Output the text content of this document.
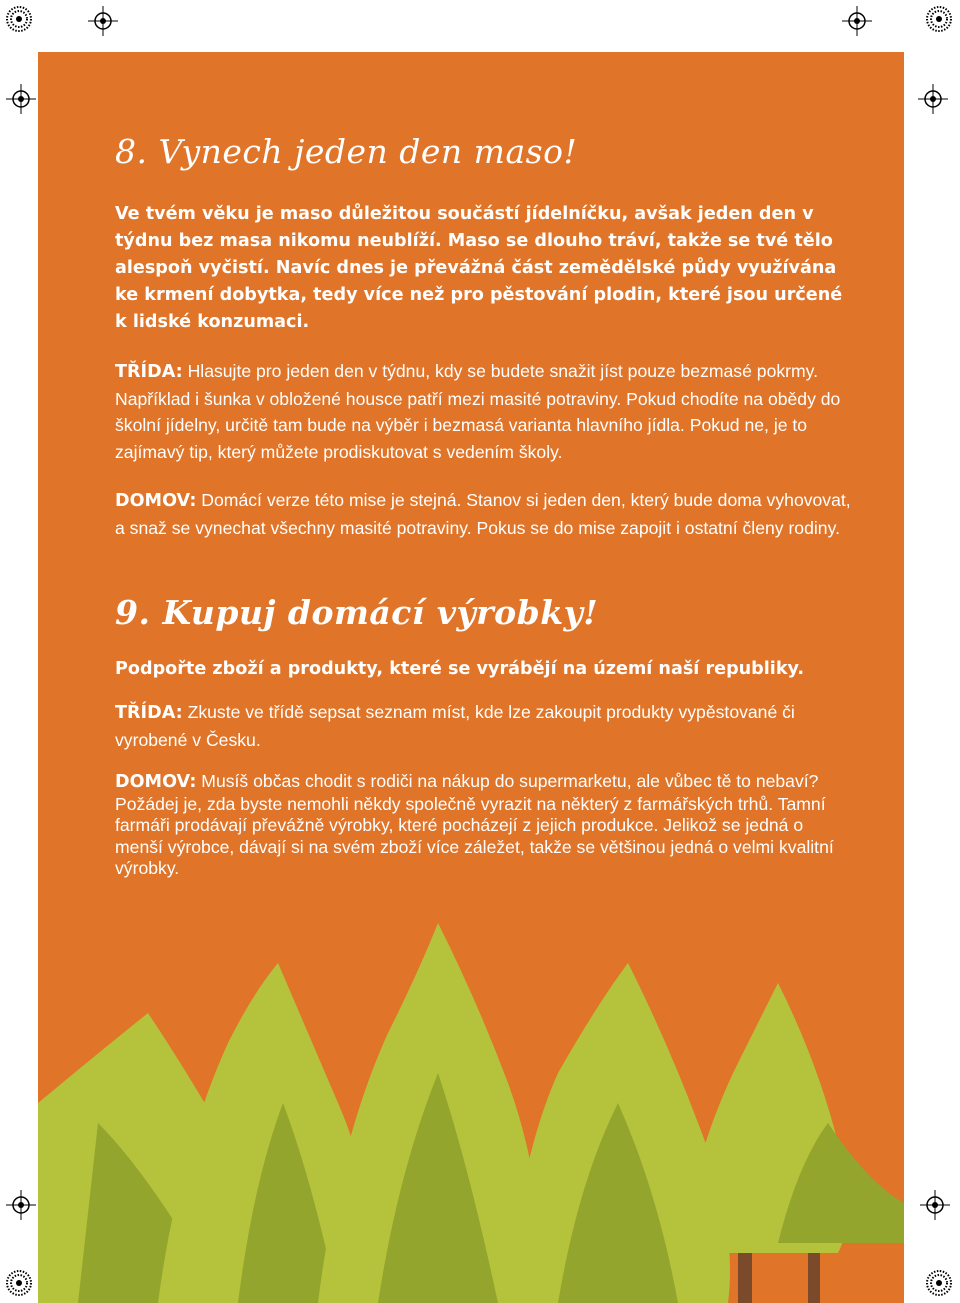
8. Vynech jeden den maso!

Ve tvém věku je maso důležitou součástí jídelníčku, avšak jeden den v týdnu bez masa nikomu neublíží. Maso se dlouho tráví, takže se tvé tělo alespoň vyčistí. Navíc dnes je převážná část zemědělské půdy využívána ke krmení dobytka, tedy více než pro pěstování plodin, které jsou určené k lidské konzumaci.

TŘÍDA: Hlasujte pro jeden den v týdnu, kdy se budete snažit jíst pouze bezmasé pokrmy. Například i šunka v obložené housce patří mezi masité potraviny. Pokud chodíte na obědy do školní jídelny, určitě tam bude na výběr i bezmasá varianta hlavního jídla. Pokud ne, je to zajímavý tip, který můžete prodiskutovat s vedením školy.

DOMOV: Domácí verze této mise je stejná. Stanov si jeden den, který bude doma vyhovovat, a snaž se vynechat všechny masité potraviny. Pokus se do mise zapojit i ostatní členy rodiny.

9. Kupuj domácí výrobky!

Podpořte zboží a produkty, které se vyrábějí na území naší republiky.

TŘÍDA: Zkuste ve třídě sepsat seznam míst, kde lze zakoupit produkty vypěstované či vyrobené v Česku.

DOMOV: Musíš občas chodit s rodiči na nákup do supermarketu, ale vůbec tě to nebaví? Požádej je, zda byste nemohli někdy společně vyrazit na některý z farmářských trhů. Tamní farmáři prodávají převážně výrobky, které pocházejí z jejich produkce. Jelikož se jedná o menší výrobce, dávají si na svém zboží více záležet, takže se většinou jedná o velmi kvalitní výrobky.
